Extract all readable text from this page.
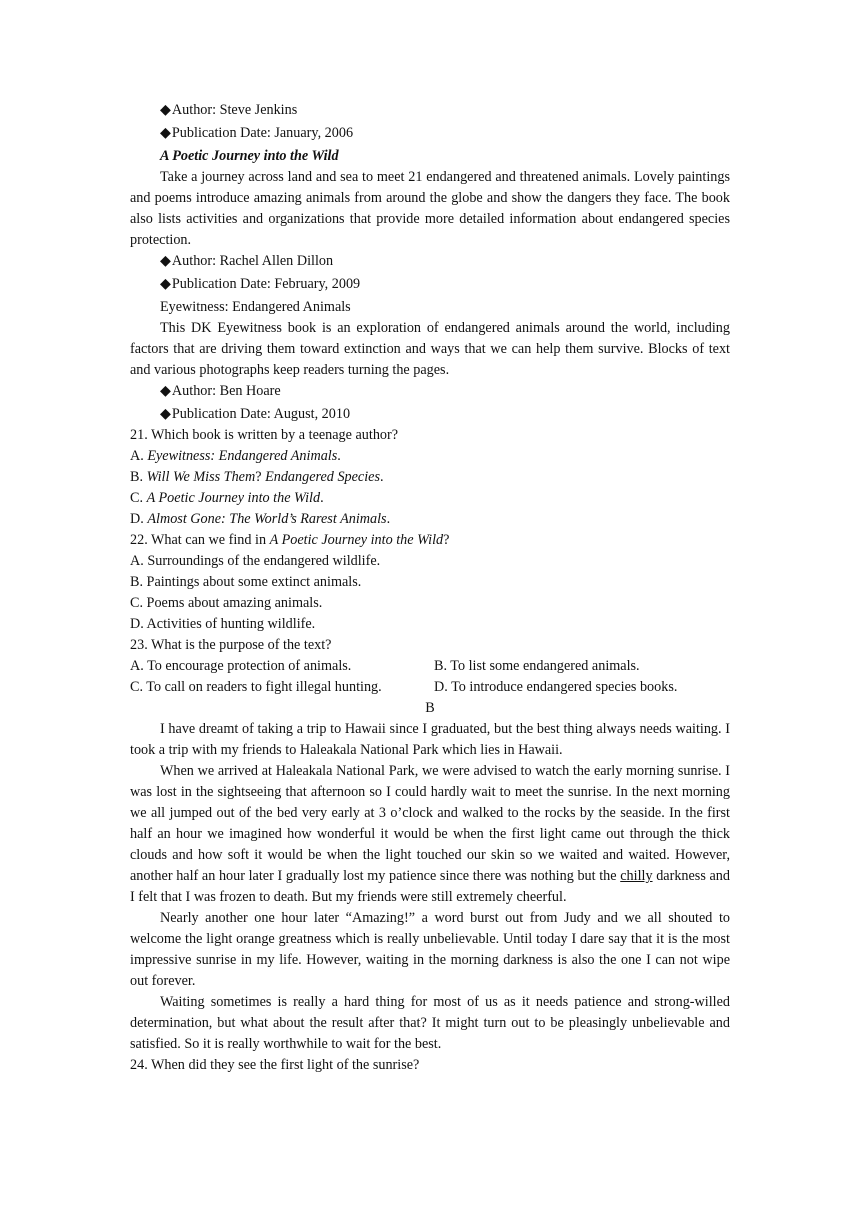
◆ Author: Steve Jenkins

◆ Publication Date: January, 2006

A Poetic Journey into the Wild

Take a journey across land and sea to meet 21 endangered and threatened animals. Lovely paintings and poems introduce amazing animals from around the globe and show the dangers they face. The book also lists activities and organizations that provide more detailed information about endangered species protection.

◆ Author: Rachel Allen Dillon

◆ Publication Date: February, 2009

Eyewitness: Endangered Animals

This DK Eyewitness book is an exploration of endangered animals around the world, including factors that are driving them toward extinction and ways that we can help them survive. Blocks of text and various photographs keep readers turning the pages.

◆ Author: Ben Hoare

◆ Publication Date: August, 2010

21. Which book is written by a teenage author?

A. Eyewitness: Endangered Animals.

B. Will We Miss Them? Endangered Species.

C. A Poetic Journey into the Wild.

D. Almost Gone: The World’s Rarest Animals.

22. What can we find in A Poetic Journey into the Wild?

A. Surroundings of the endangered wildlife.

B. Paintings about some extinct animals.

C. Poems about amazing animals.

D. Activities of hunting wildlife.

23. What is the purpose of the text?

A. To encourage protection of animals.	B. To list some endangered animals.
C. To call on readers to fight illegal hunting.	D. To introduce endangered species books.

B

I have dreamt of taking a trip to Hawaii since I graduated, but the best thing always needs waiting. I took a trip with my friends to Haleakala National Park which lies in Hawaii.

When we arrived at Haleakala National Park, we were advised to watch the early morning sunrise. I was lost in the sightseeing that afternoon so I could hardly wait to meet the sunrise. In the next morning we all jumped out of the bed very early at 3 o’clock and walked to the rocks by the seaside. In the first half an hour we imagined how wonderful it would be when the first light came out through the thick clouds and how soft it would be when the light touched our skin so we waited and waited. However, another half an hour later I gradually lost my patience since there was nothing but the chilly darkness and I felt that I was frozen to death. But my friends were still extremely cheerful.

Nearly another one hour later “Amazing!” a word burst out from Judy and we all shouted to welcome the light orange greatness which is really unbelievable. Until today I dare say that it is the most impressive sunrise in my life. However, waiting in the morning darkness is also the one I can not wipe out forever.

Waiting sometimes is really a hard thing for most of us as it needs patience and strong-willed determination, but what about the result after that? It might turn out to be pleasingly unbelievable and satisfied. So it is really worthwhile to wait for the best.

24. When did they see the first light of the sunrise?
